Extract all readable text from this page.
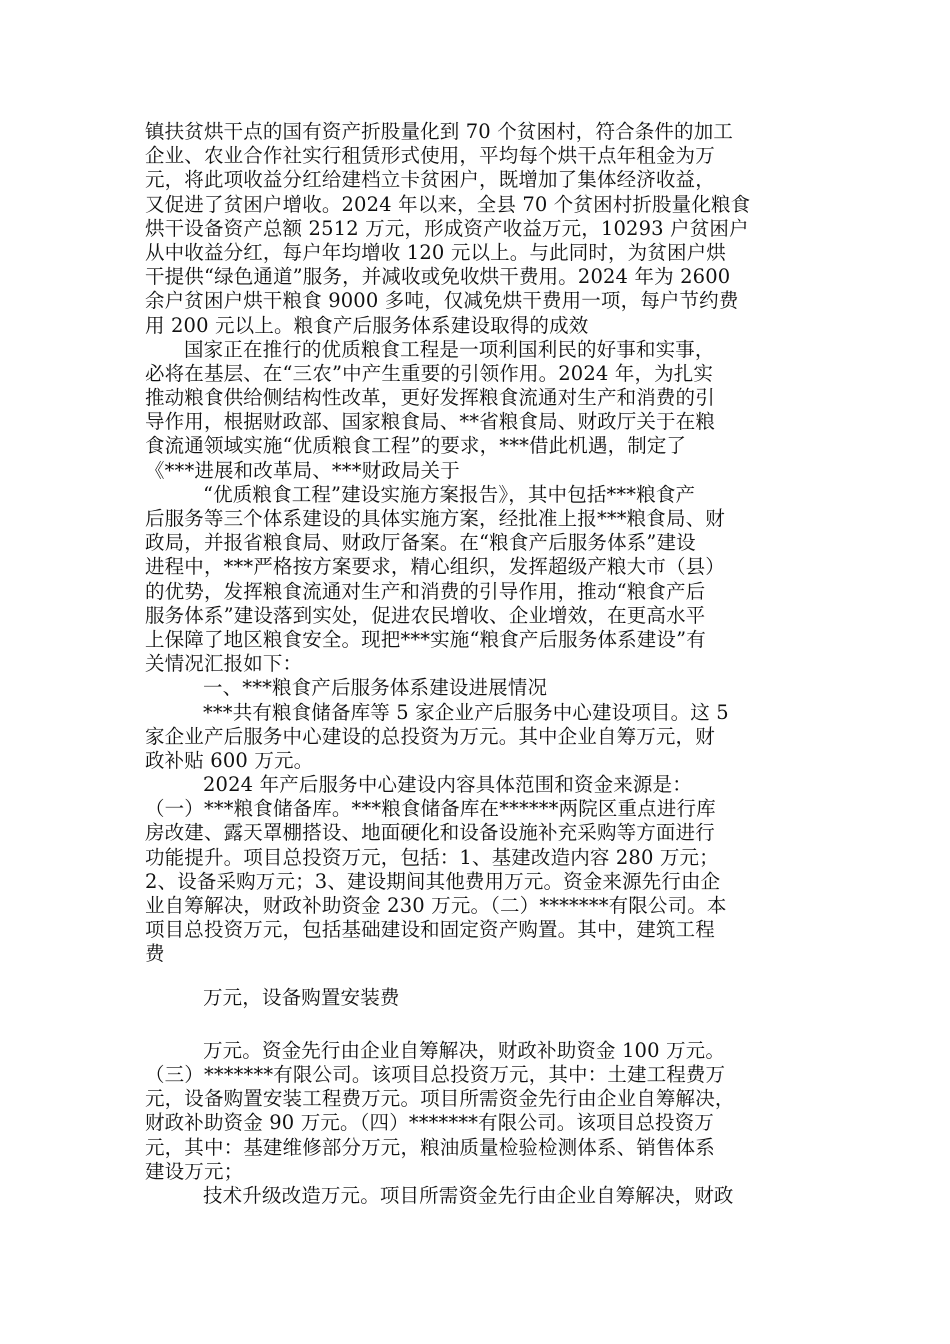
镇扶贫烘干点的国有资产折股量化到 70 个贫困村，符合条件的加工
企业、农业合作社实行租赁形式使用，平均每个烘干点年租金为万
元，将此项收益分红给建档立卡贫困户，既增加了集体经济收益，
又促进了贫困户增收。2024 年以来，全县 70 个贫困村折股量化粮食
烘干设备资产总额 2512 万元，形成资产收益万元，10293 户贫困户
从中收益分红，每户年均增收 120 元以上。与此同时，为贫困户烘
干提供“绿色通道”服务，并减收或免收烘干费用。2024 年为 2600
余户贫困户烘干粮食 9000 多吨，仅减免烘干费用一项，每户节约费
用 200 元以上。粮食产后服务体系建设取得的成效
国家正在推行的优质粮食工程是一项利国利民的好事和实事，
必将在基层、在“三农”中产生重要的引领作用。2024 年，为扎实
推动粮食供给侧结构性改革，更好发挥粮食流通对生产和消费的引
导作用，根据财政部、国家粮食局、**省粮食局、财政厅关于在粮
食流通领域实施“优质粮食工程”的要求，***借此机遇，制定了
《***进展和改革局、***财政局关于
“优质粮食工程”建设实施方案报告》，其中包括***粮食产
后服务等三个体系建设的具体实施方案，经批准上报***粮食局、财
政局，并报省粮食局、财政厅备案。在“粮食产后服务体系”建设
进程中，***严格按方案要求，精心组织，发挥超级产粮大市（县）
的优势，发挥粮食流通对生产和消费的引导作用，推动“粮食产后
服务体系”建设落到实处，促进农民增收、企业增效，在更高水平
上保障了地区粮食安全。现把***实施“粮食产后服务体系建设”有
关情况汇报如下：
一、***粮食产后服务体系建设进展情况
***共有粮食储备库等 5 家企业产后服务中心建设项目。这 5
家企业产后服务中心建设的总投资为万元。其中企业自筹万元，财
政补贴 600 万元。
2024 年产后服务中心建设内容具体范围和资金来源是：
（一）***粮食储备库。***粮食储备库在******两院区重点进行库
房改建、露天罩棚搭设、地面硬化和设备设施补充采购等方面进行
功能提升。项目总投资万元，包括：1、基建改造内容 280 万元；
2、设备采购万元；3、建设期间其他费用万元。资金来源先行由企
业自筹解决，财政补助资金 230 万元。（二）*******有限公司。本
项目总投资万元，包括基础建设和固定资产购置。其中，建筑工程
费
万元，设备购置安装费
万元。资金先行由企业自筹解决，财政补助资金 100 万元。
（三）*******有限公司。该项目总投资万元，其中：土建工程费万
元，设备购置安装工程费万元。项目所需资金先行由企业自筹解决，
财政补助资金 90 万元。（四）*******有限公司。该项目总投资万
元，其中：基建维修部分万元，粮油质量检验检测体系、销售体系
建设万元；
技术升级改造万元。项目所需资金先行由企业自筹解决，财政
